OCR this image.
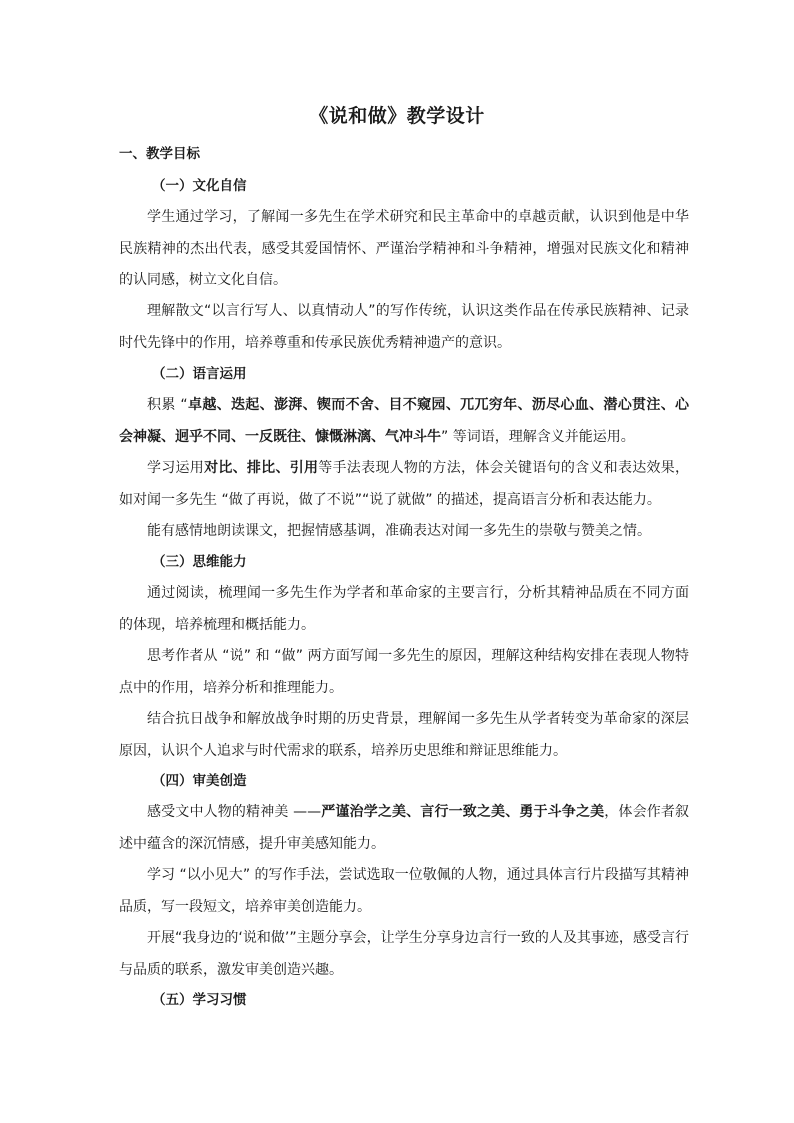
《说和做》教学设计
一、教学目标
（一）文化自信
学生通过学习，了解闻一多先生在学术研究和民主革命中的卓越贡献，认识到他是中华民族精神的杰出代表，感受其爱国情怀、严谨治学精神和斗争精神，增强对民族文化和精神的认同感，树立文化自信。
理解散文“以言行写人、以真情动人”的写作传统，认识这类作品在传承民族精神、记录时代先锋中的作用，培养尊重和传承民族优秀精神遗产的意识。
（二）语言运用
积累 “卓越、迭起、澎湃、锲而不舍、目不窥园、兀兀穷年、沥尽心血、潜心贯注、心会神凝、迥乎不同、一反既往、慷慨淋漓、气冲斗牛” 等词语，理解含义并能运用。
学习运用对比、排比、引用等手法表现人物的方法，体会关键语句的含义和表达效果，如对闻一多先生 “做了再说，做了不说”“说了就做” 的描述，提高语言分析和表达能力。
能有感情地朗读课文，把握情感基调，准确表达对闻一多先生的崇敬与赞美之情。
（三）思维能力
通过阅读，梳理闻一多先生作为学者和革命家的主要言行，分析其精神品质在不同方面的体现，培养梳理和概括能力。
思考作者从 “说” 和 “做” 两方面写闻一多先生的原因，理解这种结构安排在表现人物特点中的作用，培养分析和推理能力。
结合抗日战争和解放战争时期的历史背景，理解闻一多先生从学者转变为革命家的深层原因，认识个人追求与时代需求的联系，培养历史思维和辩证思维能力。
（四）审美创造
感受文中人物的精神美 ——严谨治学之美、言行一致之美、勇于斗争之美，体会作者叙述中蕴含的深沉情感，提升审美感知能力。
学习 “以小见大” 的写作手法，尝试选取一位敬佩的人物，通过具体言行片段描写其精神品质，写一段短文，培养审美创造能力。
开展“我身边的‘说和做’”主题分享会，让学生分享身边言行一致的人及其事迹，感受言行与品质的联系，激发审美创造兴趣。
（五）学习习惯
